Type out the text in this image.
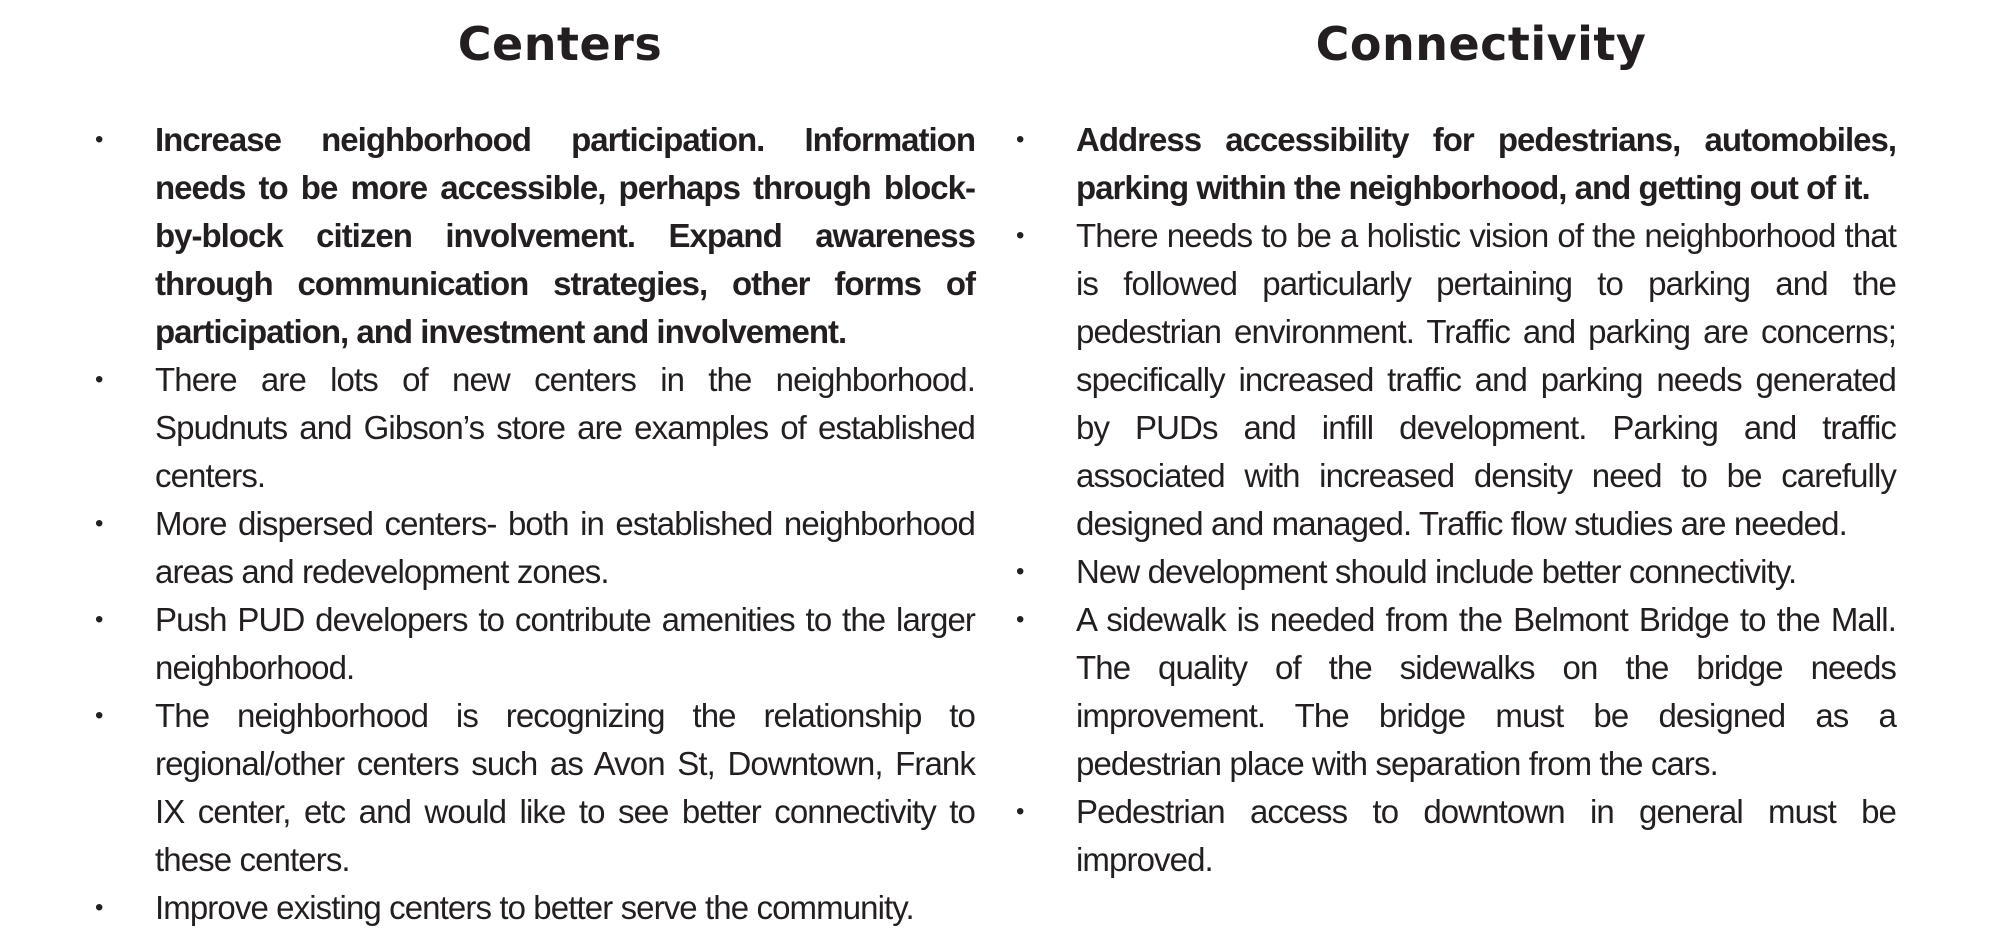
Centers
• Increase neighborhood participation. Information needs to be more accessible, perhaps through block-by-block citizen involvement. Expand awareness through communication strategies, other forms of participation, and investment and involvement.
• There are lots of new centers in the neighborhood. Spudnuts and Gibson’s store are examples of established centers.
• More dispersed centers- both in established neighborhood areas and redevelopment zones.
• Push PUD developers to contribute amenities to the larger neighborhood.
• The neighborhood is recognizing the relationship to regional/other centers such as Avon St, Downtown, Frank IX center, etc and would like to see better connectivity to these centers.
• Improve existing centers to better serve the community.
Connectivity
• Address accessibility for pedestrians, automobiles, parking within the neighborhood, and getting out of it.
• There needs to be a holistic vision of the neighborhood that is followed particularly pertaining to parking and the pedestrian environment. Traffic and parking are concerns; specifically increased traffic and parking needs generated by PUDs and infill development. Parking and traffic associated with increased density need to be carefully designed and managed. Traffic flow studies are needed.
• New development should include better connectivity.
• A sidewalk is needed from the Belmont Bridge to the Mall. The quality of the sidewalks on the bridge needs improvement. The bridge must be designed as a pedestrian place with separation from the cars.
• Pedestrian access to downtown in general must be improved.
